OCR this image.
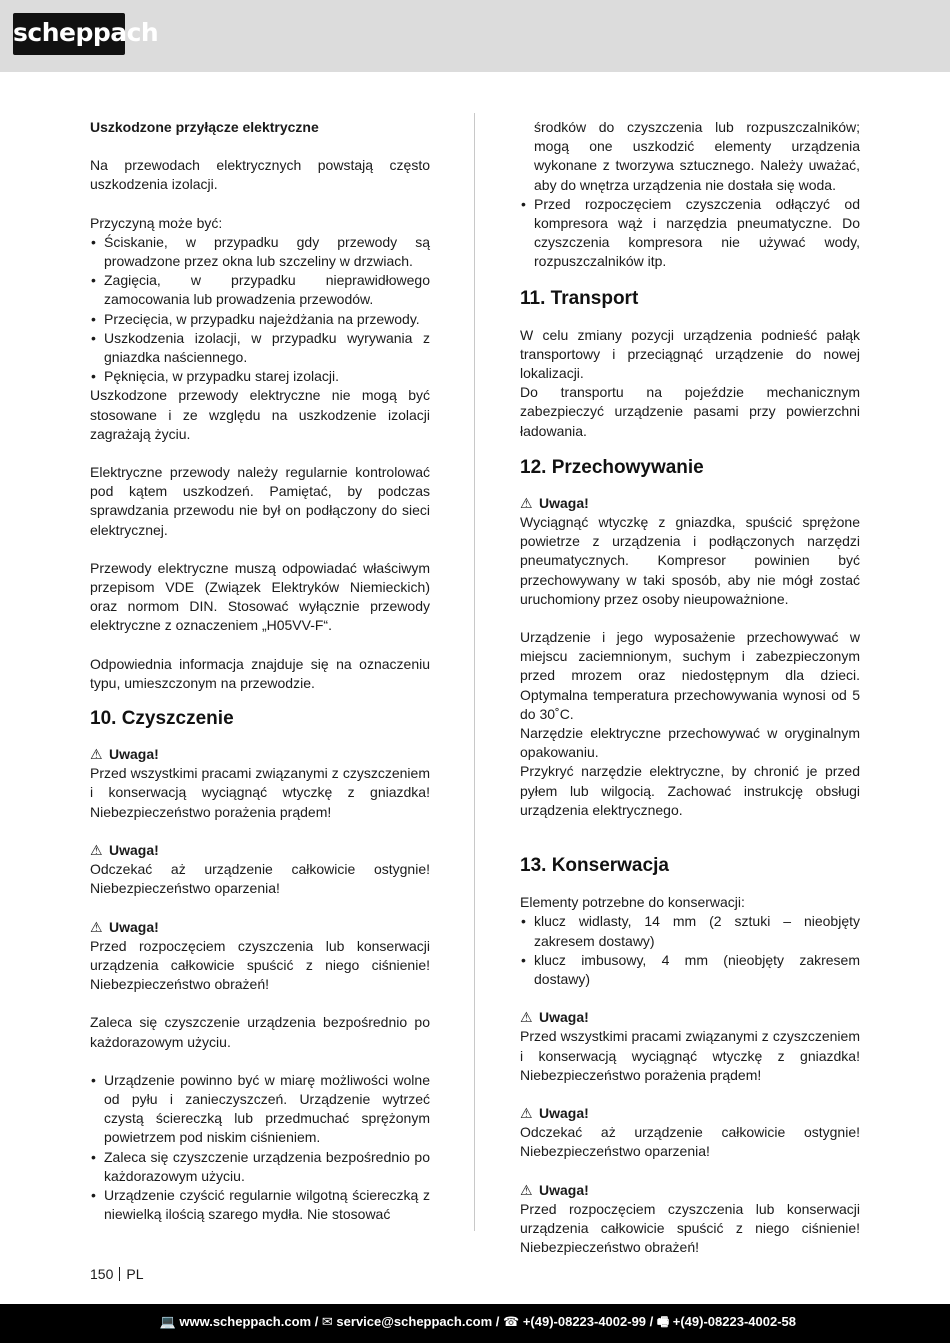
scheppach

Uszkodzone przyłącze elektryczne

Na przewodach elektrycznych powstają często uszkodzenia izolacji.

Przyczyną może być:

• Ściskanie, w przypadku gdy przewody są prowadzone przez okna lub szczeliny w drzwiach.
• Zagięcia, w przypadku nieprawidłowego zamocowania lub prowadzenia przewodów.
• Przecięcia, w przypadku najeżdżania na przewody.
• Uszkodzenia izolacji, w przypadku wyrywania z gniazdka naściennego.
• Pęknięcia, w przypadku starej izolacji.

Uszkodzone przewody elektryczne nie mogą być stosowane i ze względu na uszkodzenie izolacji zagrażają życiu.

Elektryczne przewody należy regularnie kontrolować pod kątem uszkodzeń. Pamiętać, by podczas sprawdzania przewodu nie był on podłączony do sieci elektrycznej.

Przewody elektryczne muszą odpowiadać właściwym przepisom VDE (Związek Elektryków Niemieckich) oraz normom DIN. Stosować wyłącznie przewody elektryczne z oznaczeniem „H05VV-F“.

Odpowiednia informacja znajduje się na oznaczeniu typu, umieszczonym na przewodzie.

10. Czyszczenie
⚠ Uwaga!

Przed wszystkimi pracami związanymi z czyszczeniem i konserwacją wyciągnąć wtyczkę z gniazdka! Niebezpieczeństwo porażenia prądem!

⚠ Uwaga!

Odczekać aż urządzenie całkowicie ostygnie! Niebezpieczeństwo oparzenia!

⚠ Uwaga!

Przed rozpoczęciem czyszczenia lub konserwacji urządzenia całkowicie spuścić z niego ciśnienie! Niebezpieczeństwo obrażeń!

Zaleca się czyszczenie urządzenia bezpośrednio po każdorazowym użyciu.

• Urządzenie powinno być w miarę możliwości wolne od pyłu i zanieczyszczeń. Urządzenie wytrzeć czystą ściereczką lub przedmuchać sprężonym powietrzem pod niskim ciśnieniem.
• Zaleca się czyszczenie urządzenia bezpośrednio po każdorazowym użyciu.
• Urządzenie czyścić regularnie wilgotną ściereczką z niewielką ilością szarego mydła. Nie stosować

środków do czyszczenia lub rozpuszczalników; mogą one uszkodzić elementy urządzenia wykonane z tworzywa sztucznego. Należy uważać, aby do wnętrza urządzenia nie dostała się woda.

• Przed rozpoczęciem czyszczenia odłączyć od kompresora wąż i narzędzia pneumatyczne. Do czyszczenia kompresora nie używać wody, rozpuszczalników itp.
11. Transport

W celu zmiany pozycji urządzenia podnieść pałąk transportowy i przeciągnąć urządzenie do nowej lokalizacji.

Do transportu na pojeździe mechanicznym zabezpieczyć urządzenie pasami przy powierzchni ładowania.

12. Przechowywanie
⚠ Uwaga!

Wyciągnąć wtyczkę z gniazdka, spuścić sprężone powietrze z urządzenia i podłączonych narzędzi pneumatycznych. Kompresor powinien być przechowywany w taki sposób, aby nie mógł zostać uruchomiony przez osoby nieupoważnione.

Urządzenie i jego wyposażenie przechowywać w miejscu zaciemnionym, suchym i zabezpieczonym przed mrozem oraz niedostępnym dla dzieci. Optymalna temperatura przechowywania wynosi od 5 do 30˚C.

Narzędzie elektryczne przechowywać w oryginalnym opakowaniu.

Przykryć narzędzie elektryczne, by chronić je przed pyłem lub wilgocią. Zachować instrukcję obsługi urządzenia elektrycznego.

13. Konserwacja

Elementy potrzebne do konserwacji:

• klucz widlasty, 14 mm (2 sztuki – nieobjęty zakresem dostawy)
• klucz imbusowy, 4 mm (nieobjęty zakresem dostawy)
⚠ Uwaga!

Przed wszystkimi pracami związanymi z czyszczeniem i konserwacją wyciągnąć wtyczkę z gniazdka! Niebezpieczeństwo porażenia prądem!

⚠ Uwaga!

Odczekać aż urządzenie całkowicie ostygnie! Niebezpieczeństwo oparzenia!

⚠ Uwaga!

Przed rozpoczęciem czyszczenia lub konserwacji urządzenia całkowicie spuścić z niego ciśnienie! Niebezpieczeństwo obrażeń!

150 PL
💻 www.scheppach.com / ✉ service@scheppach.com / ☎ +(49)-08223-4002-99 / 🖷 +(49)-08223-4002-58
